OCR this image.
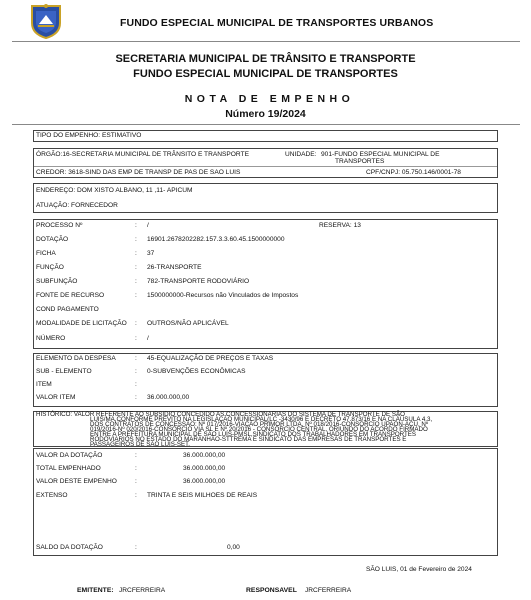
FUNDO ESPECIAL MUNICIPAL DE TRANSPORTES URBANOS
SECRETARIA MUNICIPAL DE TRÂNSITO E TRANSPORTE
FUNDO ESPECIAL MUNICIPAL DE TRANSPORTES
NOTA DE EMPENHO
Número 19/2024
TIPO DO EMPENHO: ESTIMATIVO
ÓRGÃO:16-SECRETARIA MUNICIPAL DE TRÂNSITO E TRANSPORTE	UNIDADE: 901-FUNDO ESPECIAL MUNICIPAL DE
TRANSPORTES
CREDOR: 3618-SIND DAS EMP DE TRANSP DE PAS DE SAO LUIS	CPF/CNPJ: 05.750.146/0001-78
ENDEREÇO: DOM XISTO ALBANO, 11 ,11- APICUM
ATUAÇÃO: FORNECEDOR
PROCESSO Nº	: /	RESERVA: 13
DOTAÇÃO	: 16901.2678202282.157.3.3.60.45.1500000000
FICHA	: 37
FUNÇÃO	: 26-TRANSPORTE
SUBFUNÇÃO	: 782-TRANSPORTE RODOVIÁRIO
FONTE DE RECURSO	: 1500000000-Recursos não Vinculados de Impostos
COND PAGAMENTO
MODALIDADE DE LICITAÇÃO : OUTROS/NÃO APLICÁVEL
NÚMERO	: /
ELEMENTO DA DESPESA	: 45-EQUALIZAÇÃO DE PREÇOS E TAXAS
SUB - ELEMENTO	: 0-SUBVENÇÕES ECONÔMICAS
ITEM	:
VALOR ITEM	: 36.000.000,00
HISTÓRICO: VALOR REFERENTE AO SUBSIDIO CONCEDIDO AS CONCESSIONARIAS DO SISTEMA DE TRANSPORTE DE SÃO
LUIS/MA,CONFORME PREVITO NA LEGISLAÇÃO MUNICIPAL(LC -3430/96 E DECRETO 47.873/16 E NA CLÁUSULA 4.3,
DOS CONTRATOS DE CONCESSÃO: Nº 017/2016-VIAÇÃO PRIMOR LTDA, Nº 018/2016-CONSORCIO UPAON-AÇU, Nº
019/2016-Nº 020/2016-CONSORCIO VIA SL E Nº 20/2016 - CONSÓRCIO CENTRAL, ORIUNDO DO ACORDO FIRMADO
ENTRE A PREFEITURA MUNICIPAL DE SÃO LUÍS-PMSL,SINDICATO DOS TRABALHADORES EM TRANSPORTES
RODOVIARIOS NO ESTADO DO MARANHÃO-STTREMA E SINDICATO DAS EMPRESAS DE TRANSPORTES E
PASSAGEIROS DE SÃO LUIS-SET.
VALOR DA DOTAÇÃO	:	36.000.000,00
TOTAL EMPENHADO	:	36.000.000,00
VALOR DESTE EMPENHO	:	36.000.000,00
EXTENSO	: TRINTA E SEIS MILHOES DE REAIS
SALDO DA DOTAÇÃO	:	0,00
SÃO LUIS, 01 de Fevereiro de 2024
EMITENTE: JRCFERREIRA	RESPONSAVEL JRCFERREIRA
